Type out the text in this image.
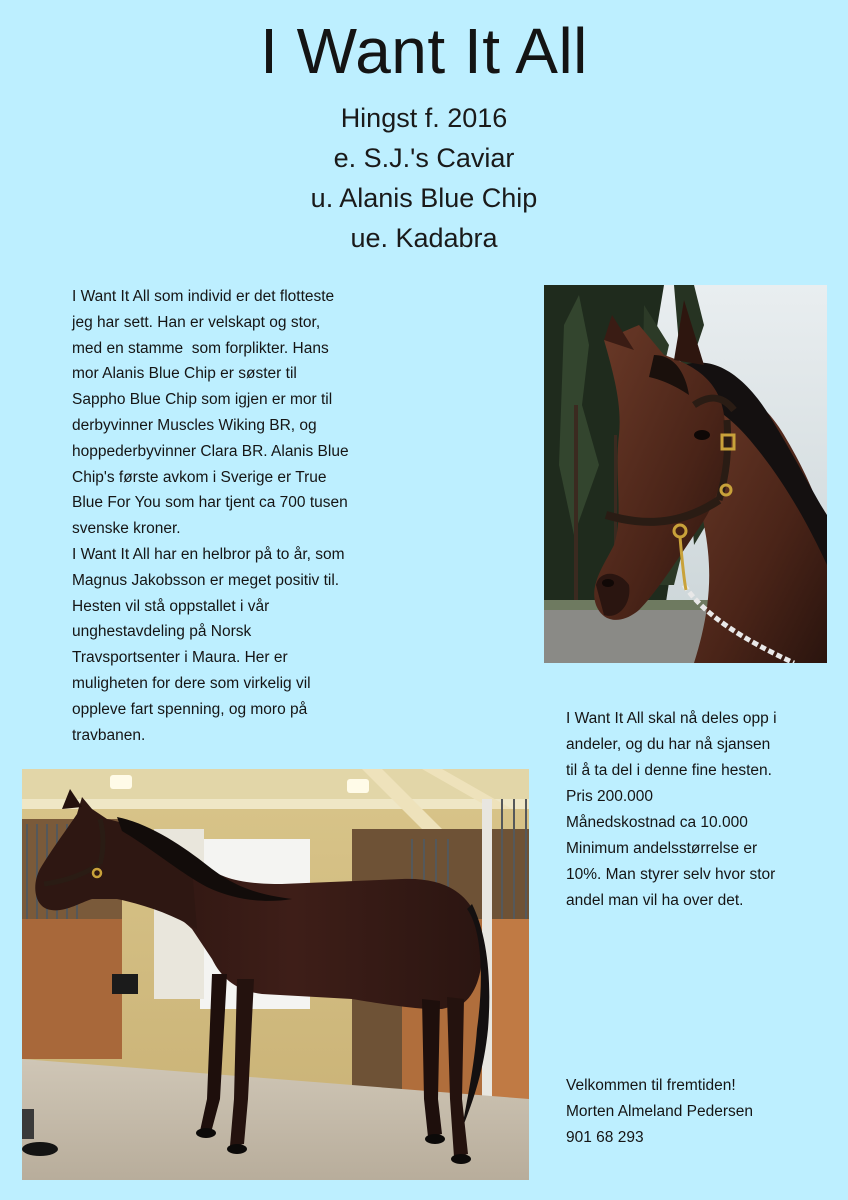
I Want It All
Hingst f. 2016
e. S.J.'s Caviar
u. Alanis Blue Chip
ue. Kadabra
I Want It All som individ er det flotteste
jeg har sett. Han er velskapt og stor,
med en stamme  som forplikter. Hans
mor Alanis Blue Chip er søster til
Sappho Blue Chip som igjen er mor til
derbyvinner Muscles Wiking BR, og
hoppederbyvinner Clara BR. Alanis Blue
Chip's første avkom i Sverige er True
Blue For You som har tjent ca 700 tusen
svenske kroner.
I Want It All har en helbror på to år, som
Magnus Jakobsson er meget positiv til.
Hesten vil stå oppstallet i vår
unghestavdeling på Norsk
Travsportsenter i Maura. Her er
muligheten for dere som virkelig vil
oppleve fart spenning, og moro på
travbanen.
I Want It All skal nå deles opp i
andeler, og du har nå sjansen
til å ta del i denne fine hesten.
Pris 200.000
Månedskostnad ca 10.000
Minimum andelsstørrelse er
10%. Man styrer selv hvor stor
andel man vil ha over det.
Velkommen til fremtiden!
Morten Almeland Pedersen
901 68 293
